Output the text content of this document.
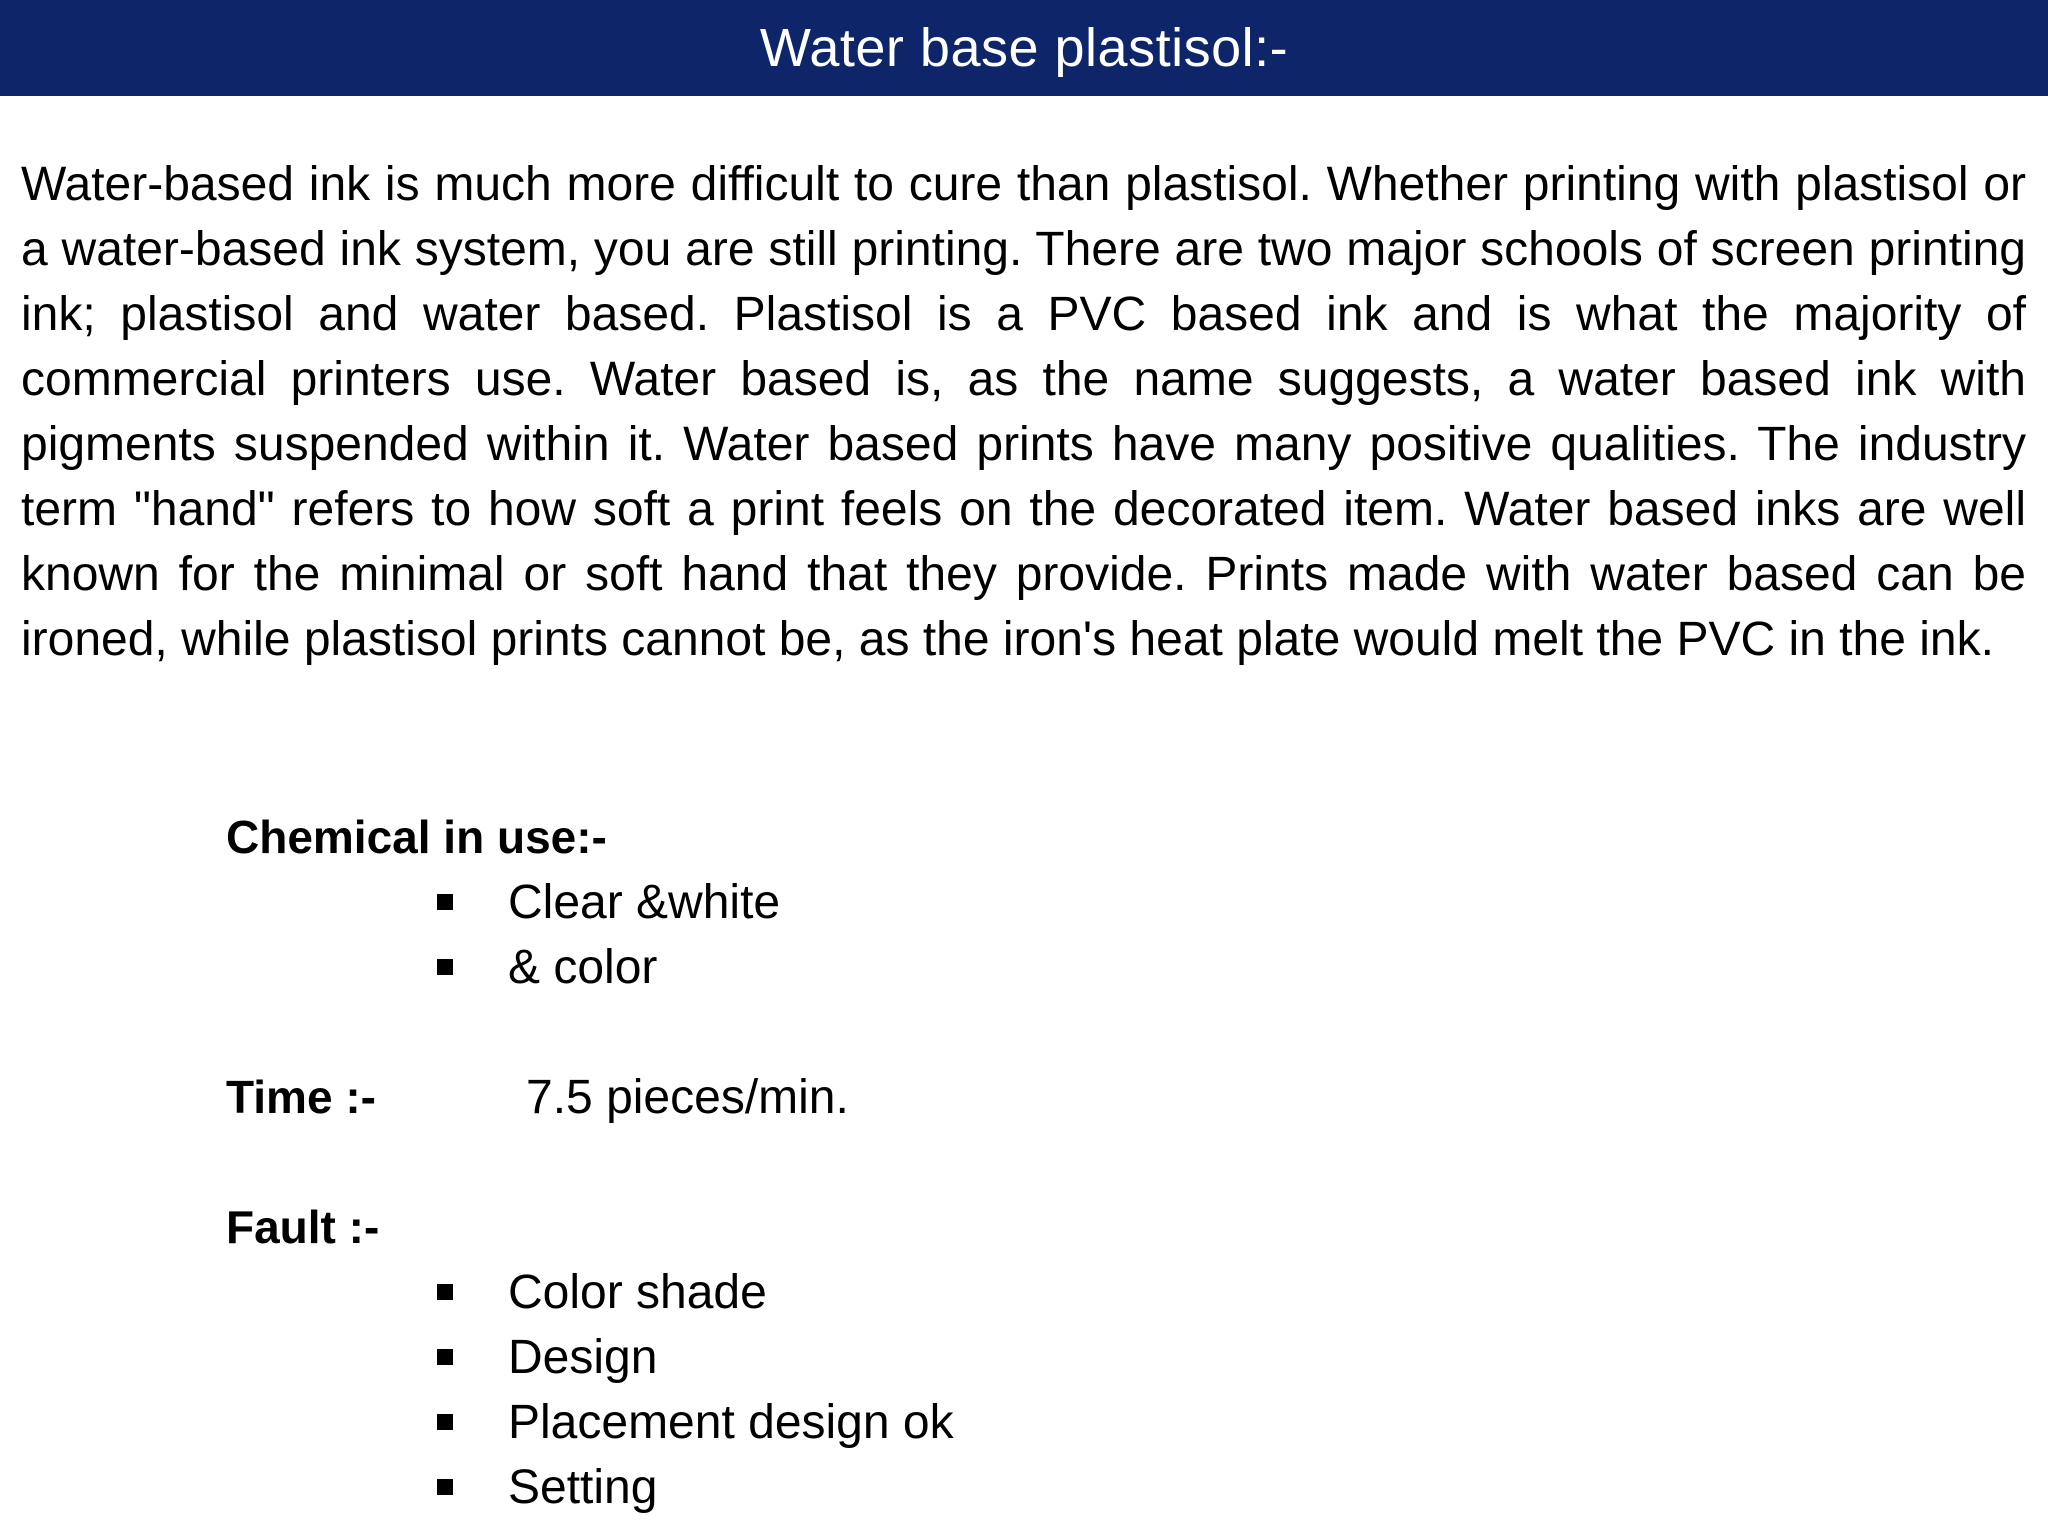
Water base plastisol:-

Water-based ink is much more difficult to cure than plastisol. Whether printing with plastisol or a water-based ink system, you are still printing. There are two major schools of screen printing ink; plastisol and water based. Plastisol is a PVC based ink and is what the majority of commercial printers use. Water based is, as the name suggests, a water based ink with pigments suspended within it. Water based prints have many positive qualities. The industry term "hand" refers to how soft a print feels on the decorated item. Water based inks are well known for the minimal or soft hand that they provide. Prints made with water based can be ironed, while plastisol prints cannot be, as the iron's heat plate would melt the PVC in the ink.

Chemical in use:-

Clear &white
& color

Time :-	7.5 pieces/min.

Fault :-

Color shade
Design
Placement design ok
Setting
